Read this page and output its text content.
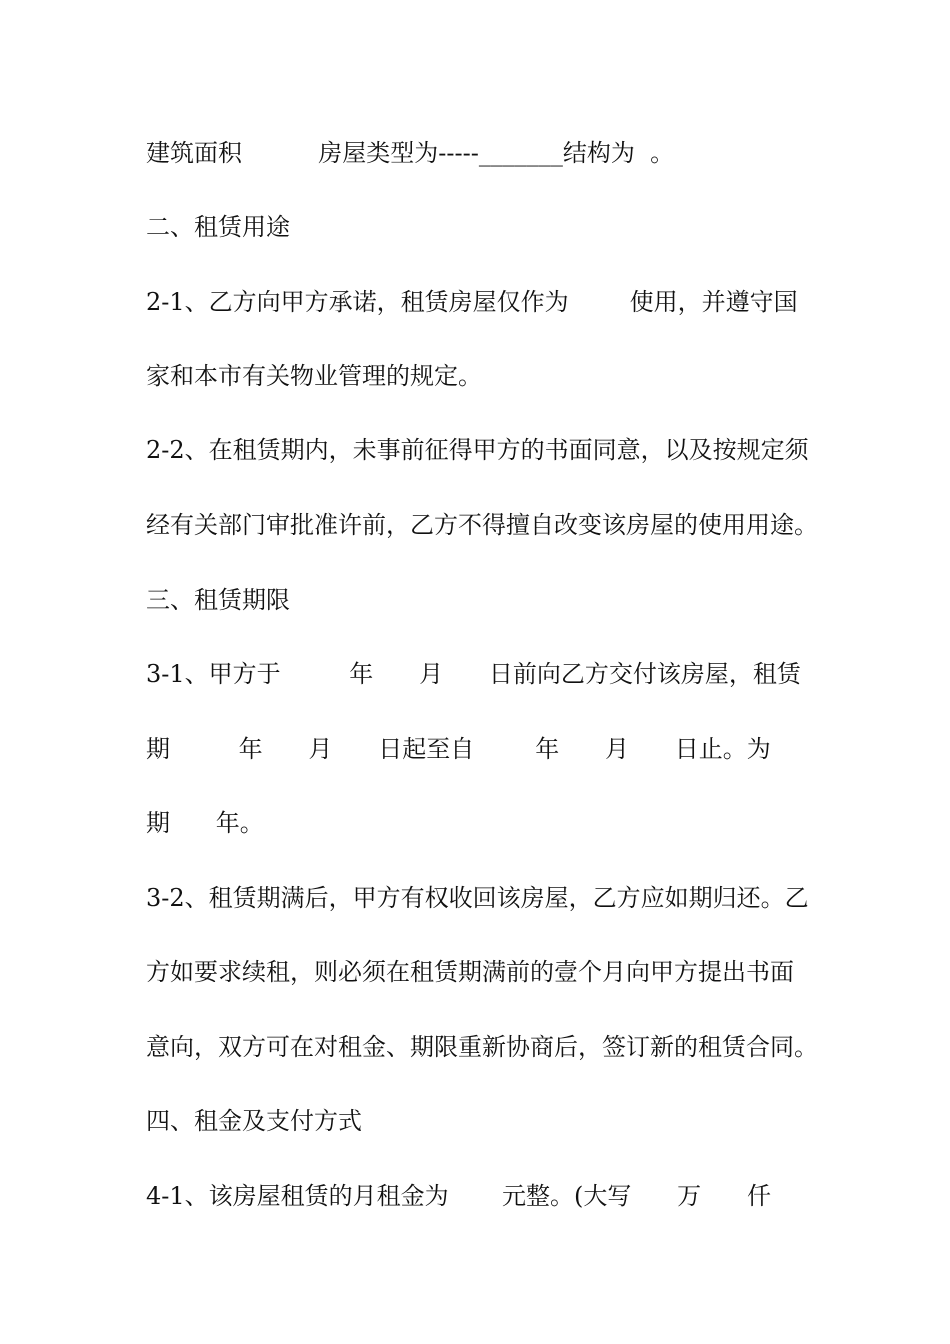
建筑面积          房屋类型为-----_______结构为  。
二、租赁用途
2-1、乙方向甲方承诺，租赁房屋仅作为        使用，并遵守国
家和本市有关物业管理的规定。
2-2、在租赁期内，未事前征得甲方的书面同意，以及按规定须
经有关部门审批准许前，乙方不得擅自改变该房屋的使用用途。
三、租赁期限
3-1、甲方于         年      月      日前向乙方交付该房屋，租赁
期         年      月      日起至自        年      月      日止。为
期      年。
3-2、租赁期满后，甲方有权收回该房屋，乙方应如期归还。乙
方如要求续租，则必须在租赁期满前的壹个月向甲方提出书面
意向，双方可在对租金、期限重新协商后，签订新的租赁合同。
四、租金及支付方式
4-1、该房屋租赁的月租金为       元整。(大写      万      仟
